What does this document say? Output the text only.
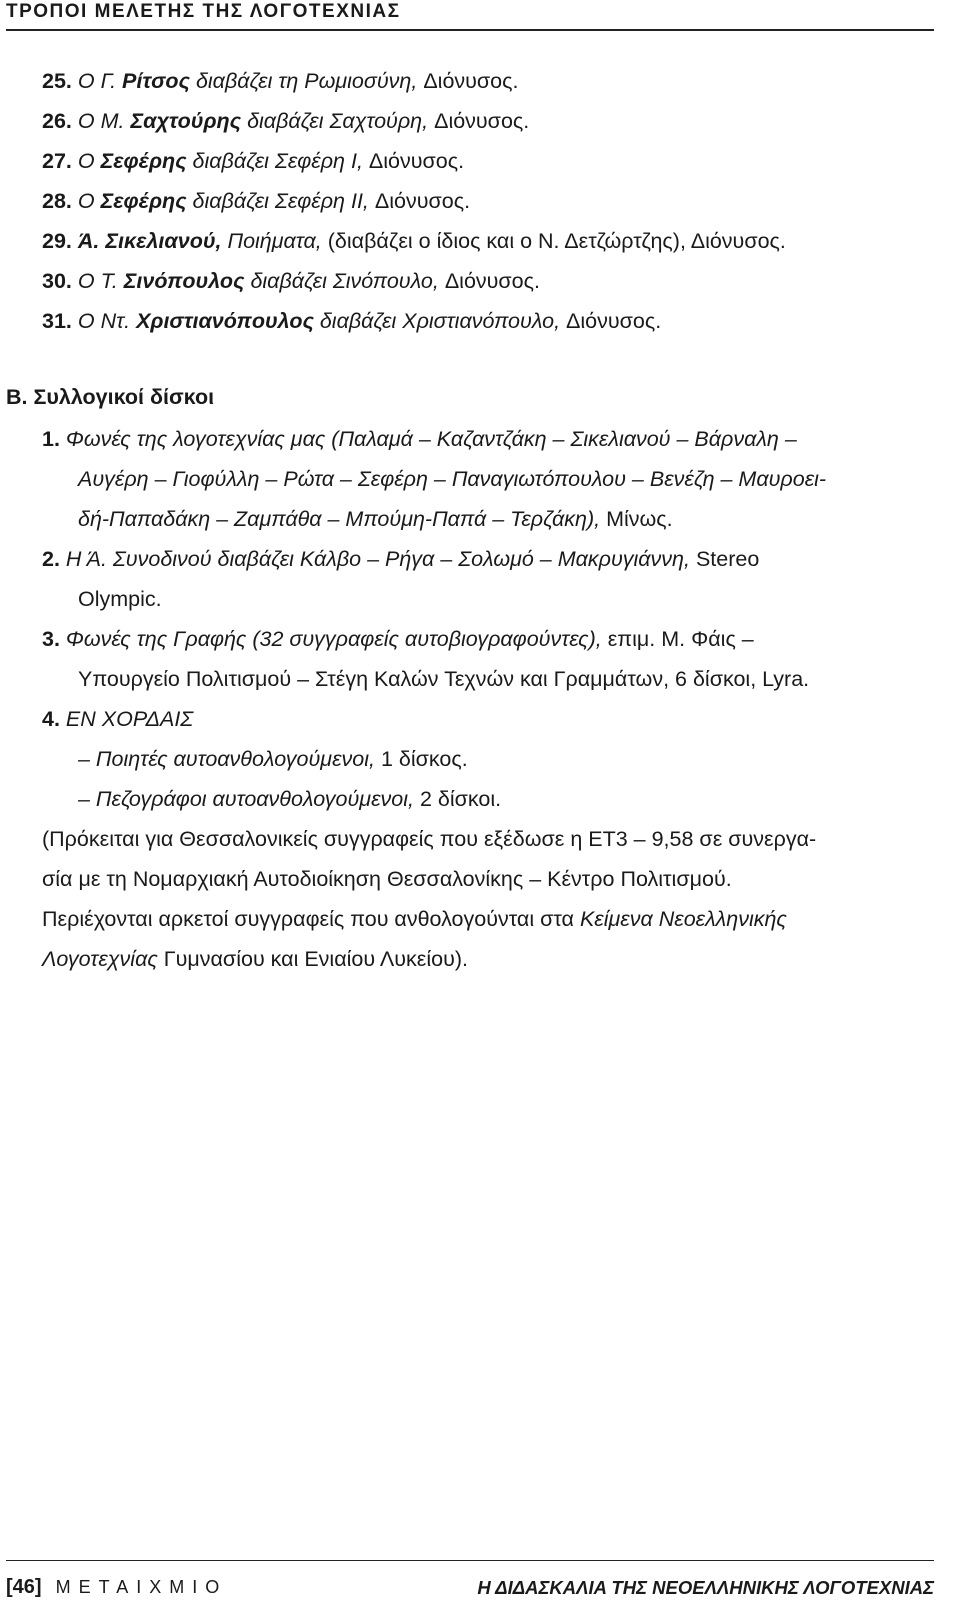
ΤΡΟΠΟΙ ΜΕΛΕΤΗΣ ΤΗΣ ΛΟΓΟΤΕΧΝΙΑΣ
25. Ο Γ. Ρίτσος διαβάζει τη Ρωμιοσύνη, Διόνυσος.
26. Ο Μ. Σαχτούρης διαβάζει Σαχτούρη, Διόνυσος.
27. Ο Σεφέρης διαβάζει Σεφέρη Ι, Διόνυσος.
28. Ο Σεφέρης διαβάζει Σεφέρη ΙΙ, Διόνυσος.
29. Ά. Σικελιανού, Ποιήματα, (διαβάζει ο ίδιος και ο Ν. Δετζώρτζης), Διόνυσος.
30. Ο Τ. Σινόπουλος διαβάζει Σινόπουλο, Διόνυσος.
31. Ο Ντ. Χριστιανόπουλος διαβάζει Χριστιανόπουλο, Διόνυσος.
Β. Συλλογικοί δίσκοι
1. Φωνές της λογοτεχνίας μας (Παλαμά – Καζαντζάκη – Σικελιανού – Βάρναλη –
Αυγέρη – Γιοφύλλη – Ρώτα – Σεφέρη – Παναγιωτόπουλου – Βενέζη – Μαυροει-
δή-Παπαδάκη – Ζαμπάθα – Μπούμη-Παπά – Τερζάκη), Μίνως.
2. Η Ά. Συνοδινού διαβάζει Κάλβο – Ρήγα – Σολωμό – Μακρυγιάννη, Stereo
Olympic.
3. Φωνές της Γραφής (32 συγγραφείς αυτοβιογραφούντες), επιμ. Μ. Φάις –
Υπουργείο Πολιτισμού – Στέγη Καλών Τεχνών και Γραμμάτων, 6 δίσκοι, Lyra.
4. ΕΝ ΧΟΡΔΑΙΣ
– Ποιητές αυτοανθολογούμενοι, 1 δίσκος.
– Πεζογράφοι αυτοανθολογούμενοι, 2 δίσκοι.
(Πρόκειται για Θεσσαλονικείς συγγραφείς που εξέδωσε η ΕΤ3 – 9,58 σε συνεργα-
σία με τη Νομαρχιακή Αυτοδιοίκηση Θεσσαλονίκης – Κέντρο Πολιτισμού.
Περιέχονται αρκετοί συγγραφείς που ανθολογούνται στα Κείμενα Νεοελληνικής
Λογοτεχνίας Γυμνασίου και Ενιαίου Λυκείου).
[46] ΜΕΤΑΙΧΜΙΟ	Η ΔΙΔΑΣΚΑΛΙΑ ΤΗΣ ΝΕΟΕΛΛΗΝΙΚΗΣ ΛΟΓΟΤΕΧΝΙΑΣ
